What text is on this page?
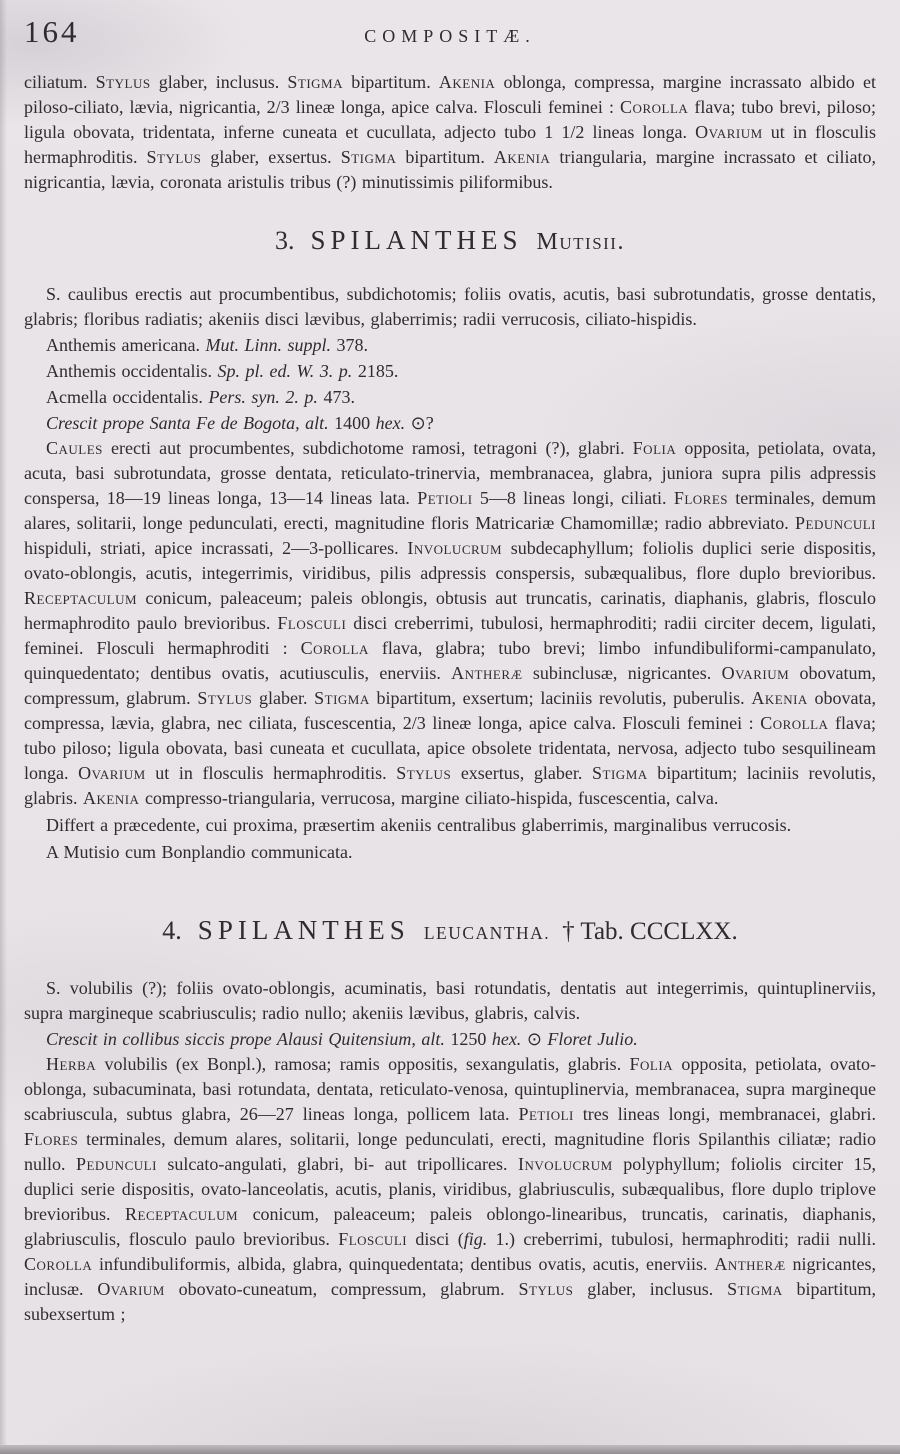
164	COMPOSITÆ.

ciliatum. Stylus glaber, inclusus. Stigma bipartitum. Akenia oblonga, compressa, margine incrassato albido et piloso-ciliato, lævia, nigricantia, 2/3 lineæ longa, apice calva. Flosculi feminei : Corolla flava; tubo brevi, piloso; ligula obovata, tridentata, inferne cuneata et cucullata, adjecto tubo 1 1/2 lineas longa. Ovarium ut in flosculis hermaphroditis. Stylus glaber, exsertus. Stigma bipartitum. Akenia triangularia, margine incrassato et ciliato, nigricantia, lævia, coronata aristulis tribus (?) minutissimis piliformibus.

3. SPILANTHES Mutisii.

S. caulibus erectis aut procumbentibus, subdichotomis; foliis ovatis, acutis, basi subrotundatis, grosse dentatis, glabris; floribus radiatis; akeniis disci lævibus, glaberrimis; radii verrucosis, ciliato-hispidis.

Anthemis americana. Mut. Linn. suppl. 378.

Anthemis occidentalis. Sp. pl. ed. W. 3. p. 2185.

Acmella occidentalis. Pers. syn. 2. p. 473.

Crescit prope Santa Fe de Bogota, alt. 1400 hex. ⊙?

Caules erecti aut procumbentes, subdichotome ramosi, tetragoni (?), glabri. Folia opposita, petiolata, ovata, acuta, basi subrotundata, grosse dentata, reticulato-trinervia, membranacea, glabra, juniora supra pilis adpressis conspersa, 18—19 lineas longa, 13—14 lineas lata. Petioli 5—8 lineas longi, ciliati. Flores terminales, demum alares, solitarii, longe pedunculati, erecti, magnitudine floris Matricariæ Chamomillæ; radio abbreviato. Pedunculi hispiduli, striati, apice incrassati, 2—3-pollicares. Involucrum subdecaphyllum; foliolis duplici serie dispositis, ovato-oblongis, acutis, integerrimis, viridibus, pilis adpressis conspersis, subæqualibus, flore duplo brevioribus. Receptaculum conicum, paleaceum; paleis oblongis, obtusis aut truncatis, carinatis, diaphanis, glabris, flosculo hermaphrodito paulo brevioribus. Flosculi disci creberrimi, tubulosi, hermaphroditi; radii circiter decem, ligulati, feminei. Flosculi hermaphroditi : Corolla flava, glabra; tubo brevi; limbo infundibuliformi-campanulato, quinquedentato; dentibus ovatis, acutiusculis, enerviis. Antheræ subinclusæ, nigricantes. Ovarium obovatum, compressum, glabrum. Stylus glaber. Stigma bipartitum, exsertum; laciniis revolutis, puberulis. Akenia obovata, compressa, lævia, glabra, nec ciliata, fuscescentia, 2/3 lineæ longa, apice calva. Flosculi feminei : Corolla flava; tubo piloso; ligula obovata, basi cuneata et cucullata, apice obsolete tridentata, nervosa, adjecto tubo sesquilineam longa. Ovarium ut in flosculis hermaphroditis. Stylus exsertus, glaber. Stigma bipartitum; laciniis revolutis, glabris. Akenia compresso-triangularia, verrucosa, margine ciliato-hispida, fuscescentia, calva.

Differt a præcedente, cui proxima, præsertim akeniis centralibus glaberrimis, marginalibus verrucosis.

A Mutisio cum Bonplandio communicata.

4. SPILANTHES LEUCANTHA. † Tab. CCCLXX.

S. volubilis (?); foliis ovato-oblongis, acuminatis, basi rotundatis, dentatis aut integerrimis, quintuplinerviis, supra margineque scabriusculis; radio nullo; akeniis lævibus, glabris, calvis.

Crescit in collibus siccis prope Alausi Quitensium, alt. 1250 hex. ⊙ Floret Julio.

Herba volubilis (ex Bonpl.), ramosa; ramis oppositis, sexangulatis, glabris. Folia opposita, petiolata, ovato-oblonga, subacuminata, basi rotundata, dentata, reticulato-venosa, quintuplinervia, membranacea, supra margineque scabriuscula, subtus glabra, 26—27 lineas longa, pollicem lata. Petioli tres lineas longi, membranacei, glabri. Flores terminales, demum alares, solitarii, longe pedunculati, erecti, magnitudine floris Spilanthis ciliatæ; radio nullo. Pedunculi sulcato-angulati, glabri, bi- aut tripollicares. Involucrum polyphyllum; foliolis circiter 15, duplici serie dispositis, ovato-lanceolatis, acutis, planis, viridibus, glabriusculis, subæqualibus, flore duplo triplove brevioribus. Receptaculum conicum, paleaceum; paleis oblongo-linearibus, truncatis, carinatis, diaphanis, glabriusculis, flosculo paulo brevioribus. Flosculi disci (fig. 1.) creberrimi, tubulosi, hermaphroditi; radii nulli. Corolla infundibuliformis, albida, glabra, quinquedentata; dentibus ovatis, acutis, enerviis. Antheræ nigricantes, inclusæ. Ovarium obovato-cuneatum, compressum, glabrum. Stylus glaber, inclusus. Stigma bipartitum, subexsertum ;
